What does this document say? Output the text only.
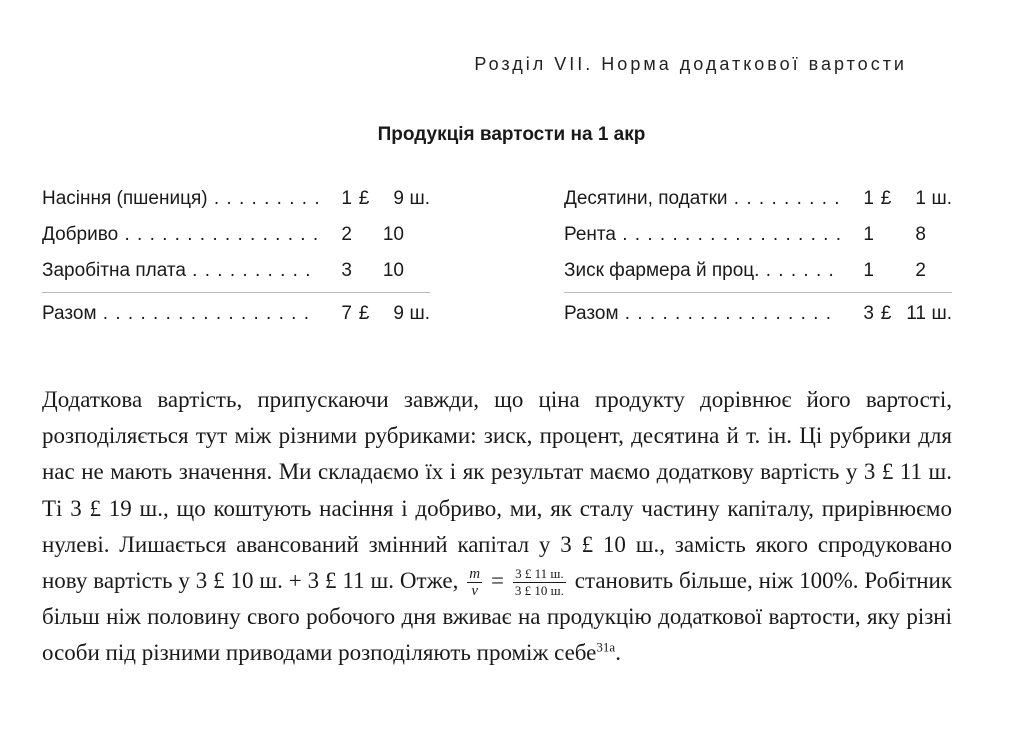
Розділ VII. Норма додаткової вартости
Продукція вартости на 1 акр
Насіння (пшениця) . . .	1 £	9 ш.
Добриво . . .	2	10
Заробітна плата . . .	3	10
Разом . . .	7 £	9 ш.
Десятини, податки . . .	1 £	1 ш.
Рента . . .	1	8
Зиск фармера й проц. . . .	1	2
Разом . . .	3 £ 11 ш.
Додаткова вартість, припускаючи завжди, що ціна продукту дорівнює його вартості, розподіляється тут між різними рубриками: зиск, процент, десятина й т. ін. Ці рубрики для нас не мають значення. Ми складаємо їх і як результат маємо додаткову вартість у 3 £ 11 ш. Ті 3 £ 19 ш., що коштують насіння і добриво, ми, як сталу частину капіталу, прирівнюємо нулеві. Лишається авансований змінний капітал у 3 £ 10 ш., замість якого спродуковано нову вартість у 3 £ 10 ш. + 3 £ 11 ш. Отже, $\frac{m}{v} = \frac{3 £ 11 ш.}{3 £ 10 ш.}$ становить більше, ніж 100%. Робітник більш ніж половину свого робочого дня вживає на продукцію додаткової вартости, яку різні особи під різними приводами розподіляють проміж себе$^{31a}$.
